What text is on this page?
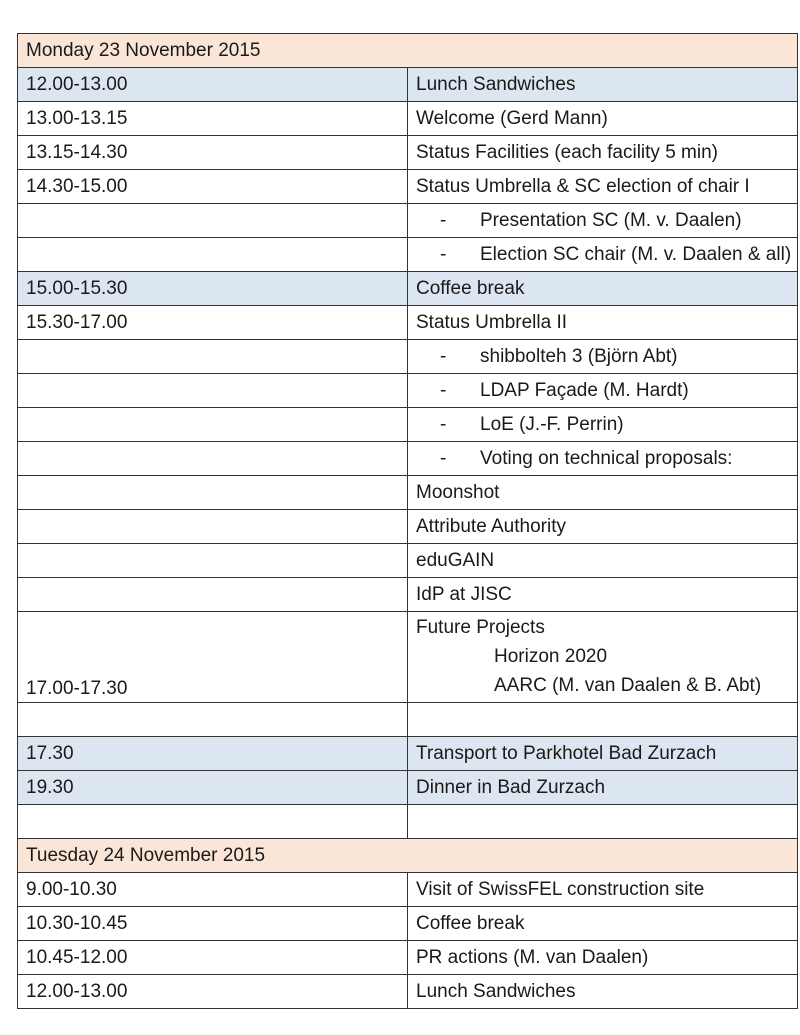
Monday 23 November 2015	
12.00-13.00	Lunch Sandwiches
13.00-13.15	Welcome (Gerd Mann)
13.15-14.30	Status Facilities (each facility 5 min)
14.30-15.00	Status Umbrella & SC election of chair I
	- Presentation SC (M. v. Daalen)
	- Election SC chair (M. v. Daalen & all)
15.00-15.30	Coffee break
15.30-17.00	Status Umbrella II
	- shibbolteh 3 (Björn Abt)
	- LDAP Façade (M. Hardt)
	- LoE (J.-F. Perrin)
	- Voting on technical proposals:
	Moonshot
	Attribute Authority
	eduGAIN
	IdP at JISC
17.00-17.30	Future Projects
Horizon 2020
AARC (M. van Daalen & B. Abt)

17.30	Transport to Parkhotel Bad Zurzach
19.30	Dinner in Bad Zurzach

Tuesday 24 November 2015	
9.00-10.30	Visit of SwissFEL construction site
10.30-10.45	Coffee break
10.45-12.00	PR actions (M. van Daalen)
12.00-13.00	Lunch Sandwiches
